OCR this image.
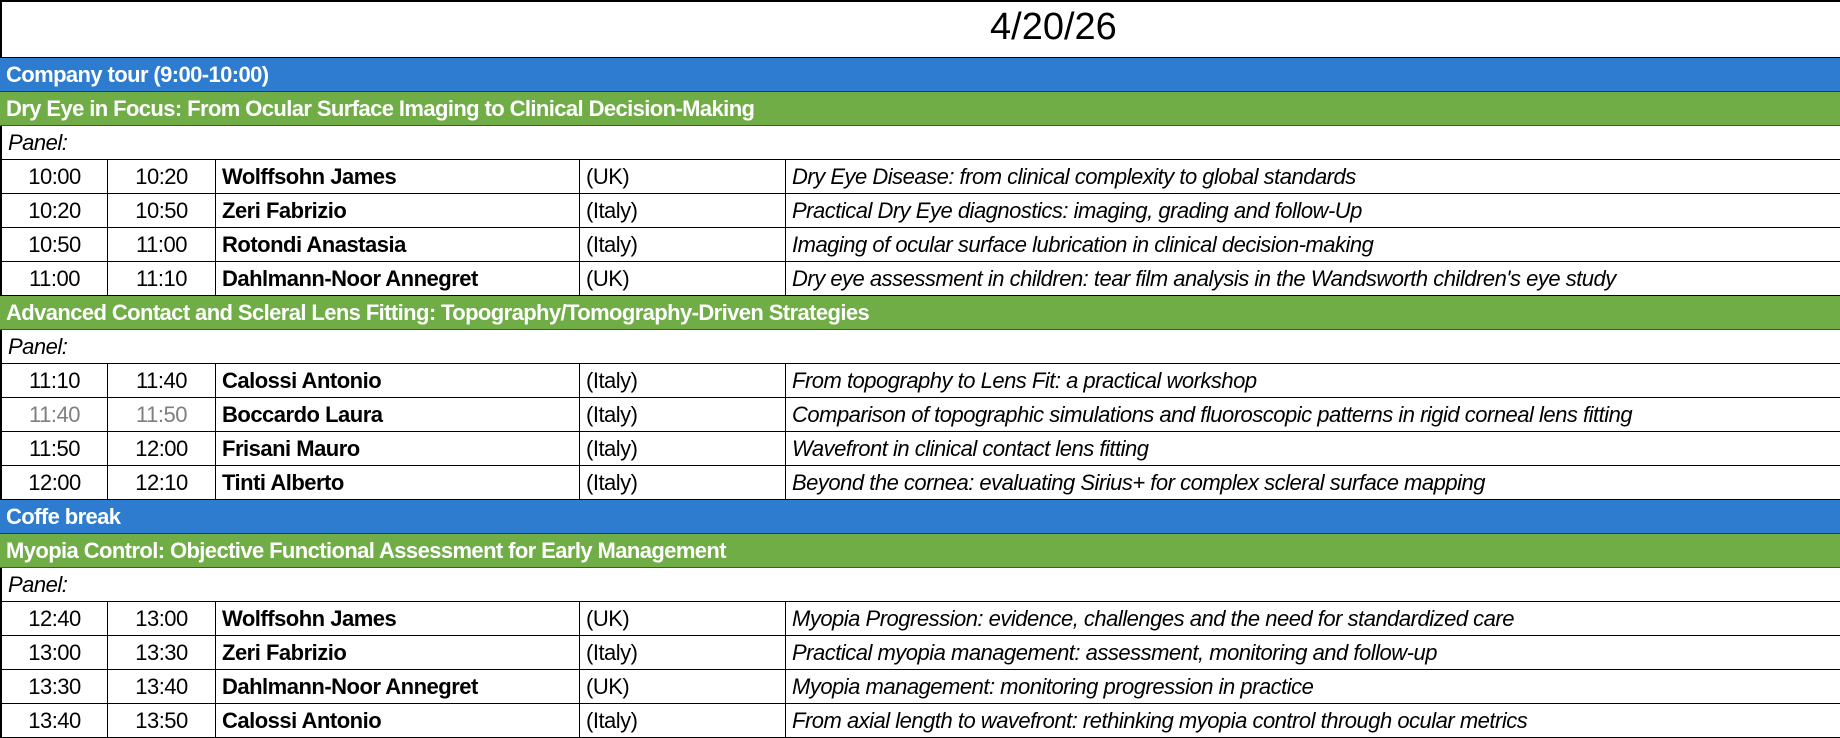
4/20/26
Company tour (9:00-10:00)
Dry Eye in Focus: From Ocular Surface Imaging to Clinical Decision-Making
Panel:
10:00	10:20	Wolffsohn James	(UK)	Dry Eye Disease: from clinical complexity to global standards
10:20	10:50	Zeri Fabrizio	(Italy)	Practical Dry Eye diagnostics: imaging, grading and follow-Up
10:50	11:00	Rotondi Anastasia	(Italy)	Imaging of ocular surface lubrication in clinical decision-making
11:00	11:10	Dahlmann-Noor Annegret	(UK)	Dry eye assessment in children: tear film analysis in the Wandsworth children's eye study
Advanced Contact and Scleral Lens Fitting: Topography/Tomography-Driven Strategies
Panel:
11:10	11:40	Calossi Antonio	(Italy)	From topography to Lens Fit: a practical workshop
11:40	11:50	Boccardo Laura	(Italy)	Comparison of topographic simulations and fluoroscopic patterns in rigid corneal lens fitting
11:50	12:00	Frisani Mauro	(Italy)	Wavefront in clinical contact lens fitting
12:00	12:10	Tinti Alberto	(Italy)	Beyond the cornea: evaluating Sirius+ for complex scleral surface mapping
Coffe break
Myopia Control: Objective Functional Assessment for Early Management
Panel:
12:40	13:00	Wolffsohn James	(UK)	Myopia Progression: evidence, challenges and the need for standardized care
13:00	13:30	Zeri Fabrizio	(Italy)	Practical myopia management: assessment, monitoring and follow-up
13:30	13:40	Dahlmann-Noor Annegret	(UK)	Myopia management: monitoring progression in practice
13:40	13:50	Calossi Antonio	(Italy)	From axial length to wavefront: rethinking myopia control through ocular metrics
